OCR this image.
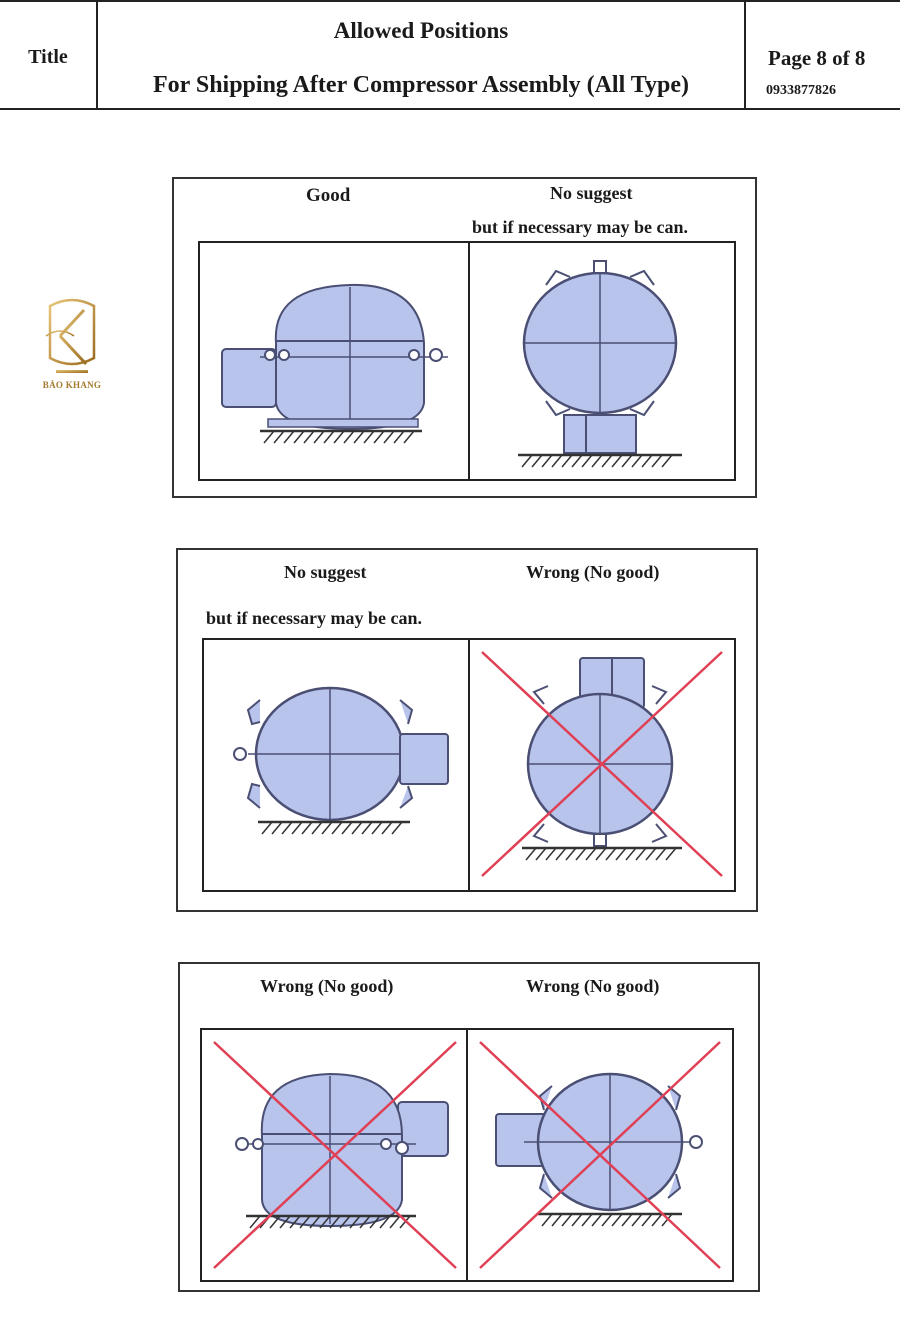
Title
Allowed Positions
For Shipping After Compressor Assembly (All Type)
Page 8 of 8
0933877826
BẢO KHANG
Good	No suggest
but if necessary may be can.
No suggest
but if necessary may be can.
Wrong (No good)
Wrong (No good)	Wrong (No good)
